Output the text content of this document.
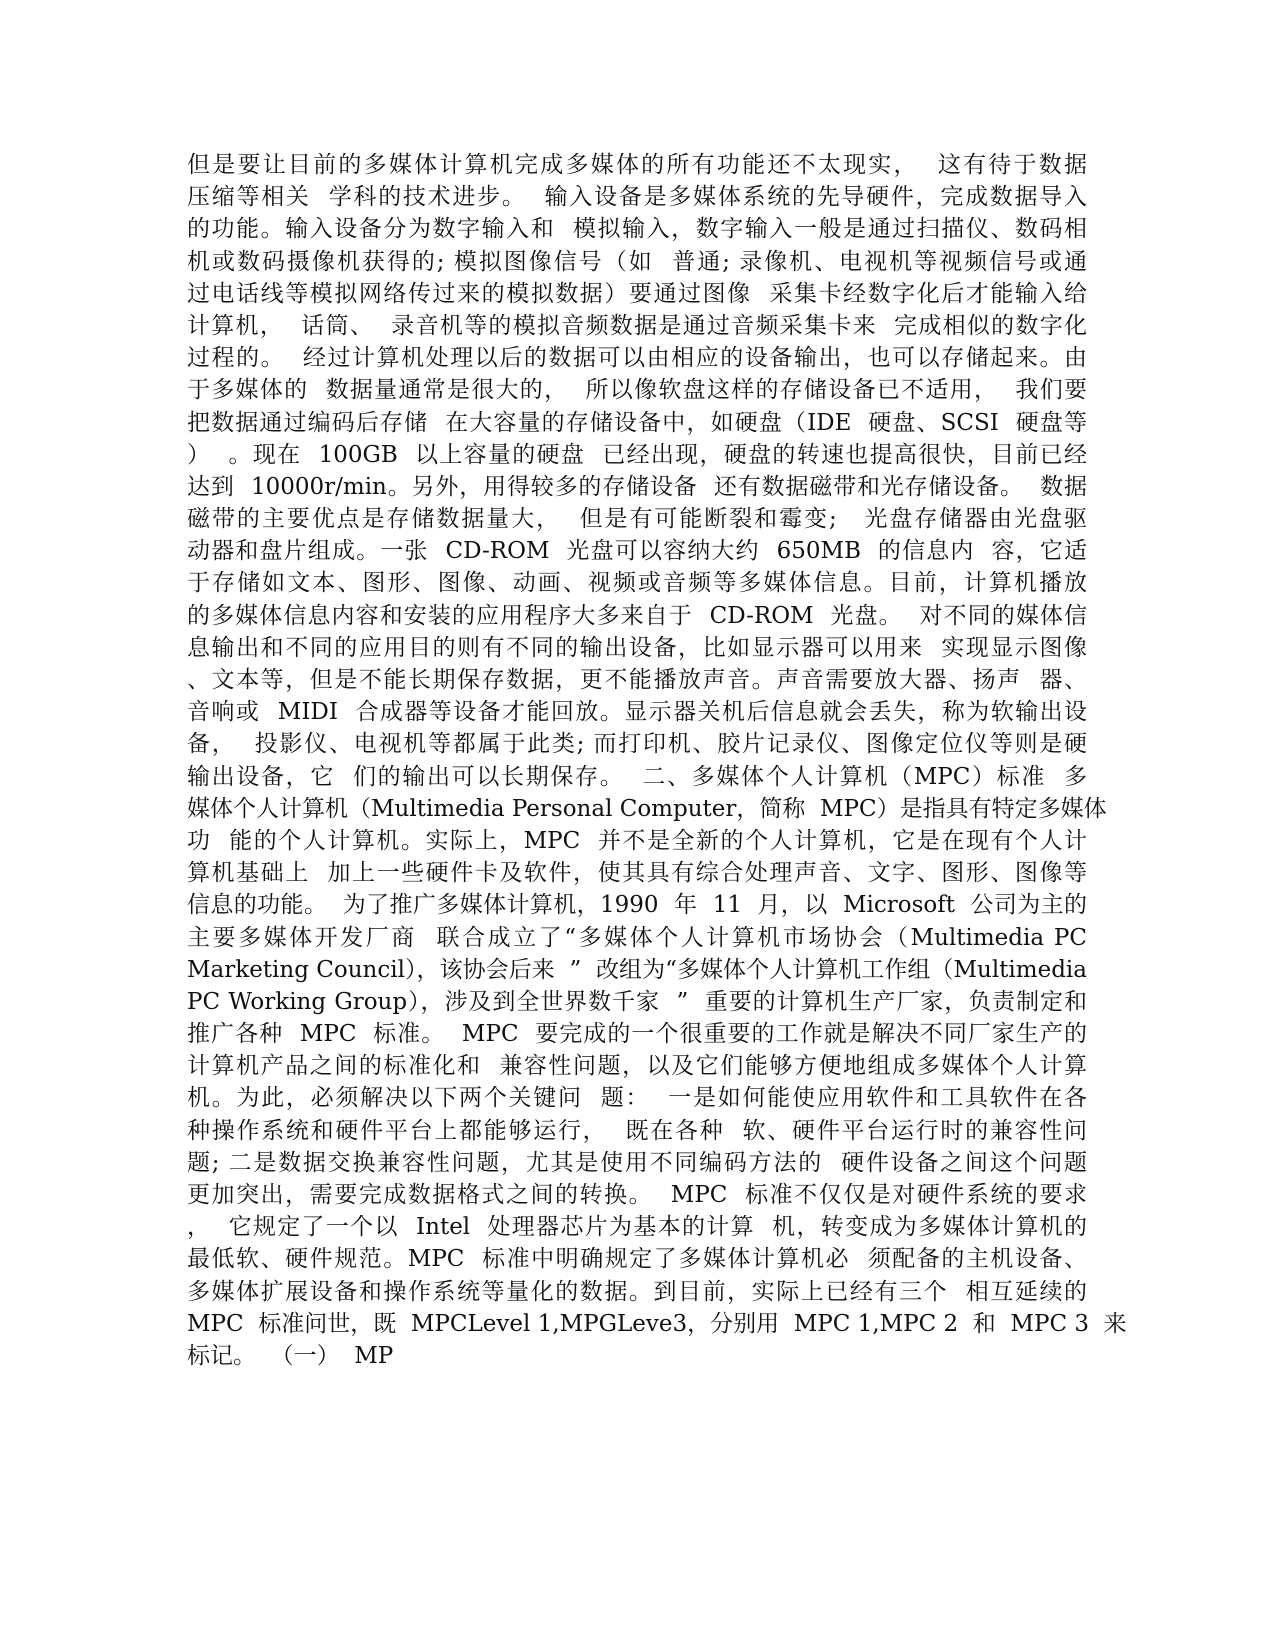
但是要让目前的多媒体计算机完成多媒体的所有功能还不太现实，  这有待于数据
压缩等相关  学科的技术进步。  输入设备是多媒体系统的先导硬件，完成数据导入
的功能。输入设备分为数字输入和  模拟输入，数字输入一般是通过扫描仪、数码相
机或数码摄像机获得的; 模拟图像信号（如  普通; 录像机、电视机等视频信号或通
过电话线等模拟网络传过来的模拟数据）要通过图像  采集卡经数字化后才能输入给
计算机，  话筒、  录音机等的模拟音频数据是通过音频采集卡来  完成相似的数字化
过程的。  经过计算机处理以后的数据可以由相应的设备输出，也可以存储起来。由
于多媒体的  数据量通常是很大的，  所以像软盘这样的存储设备已不适用，  我们要
把数据通过编码后存储  在大容量的存储设备中，如硬盘（IDE  硬盘、SCSI  硬盘等
）  。现在  100GB  以上容量的硬盘  已经出现，硬盘的转速也提高很快，目前已经
达到  10000r/min。另外，用得较多的存储设备  还有数据磁带和光存储设备。  数据
磁带的主要优点是存储数据量大，  但是有可能断裂和霉变;   光盘存储器由光盘驱
动器和盘片组成。一张  CD-ROM  光盘可以容纳大约  650MB  的信息内  容，它适
于存储如文本、图形、图像、动画、视频或音频等多媒体信息。目前，计算机播放
的多媒体信息内容和安装的应用程序大多来自于  CD-ROM  光盘。  对不同的媒体信
息输出和不同的应用目的则有不同的输出设备，比如显示器可以用来  实现显示图像
、文本等，但是不能长期保存数据，更不能播放声音。声音需要放大器、扬声  器、
音响或  MIDI  合成器等设备才能回放。显示器关机后信息就会丢失，称为软输出设
备，  投影仪、电视机等都属于此类; 而打印机、胶片记录仪、图像定位仪等则是硬
输出设备，它  们的输出可以长期保存。  二、多媒体个人计算机（MPC）标准  多
媒体个人计算机（Multimedia Personal Computer，简称  MPC）是指具有特定多媒体
功  能的个人计算机。实际上，MPC  并不是全新的个人计算机，它是在现有个人计
算机基础上  加上一些硬件卡及软件，使其具有综合处理声音、文字、图形、图像等
信息的功能。  为了推广多媒体计算机，1990  年  11  月，以  Microsoft  公司为主的
主要多媒体开发厂商  联合成立了“多媒体个人计算机市场协会（Multimedia PC
Marketing Council），该协会后来  ”  改组为“多媒体个人计算机工作组（Multimedia
PC Working Group），涉及到全世界数千家  ”  重要的计算机生产厂家，负责制定和
推广各种  MPC  标准。  MPC  要完成的一个很重要的工作就是解决不同厂家生产的
计算机产品之间的标准化和  兼容性问题，以及它们能够方便地组成多媒体个人计算
机。为此，必须解决以下两个关键问  题：  一是如何能使应用软件和工具软件在各
种操作系统和硬件平台上都能够运行，  既在各种  软、硬件平台运行时的兼容性问
题; 二是数据交换兼容性问题，尤其是使用不同编码方法的  硬件设备之间这个问题
更加突出，需要完成数据格式之间的转换。  MPC  标准不仅仅是对硬件系统的要求
，  它规定了一个以  Intel  处理器芯片为基本的计算  机，转变成为多媒体计算机的
最低软、硬件规范。MPC  标准中明确规定了多媒体计算机必  须配备的主机设备、
多媒体扩展设备和操作系统等量化的数据。到目前，实际上已经有三个  相互延续的
MPC  标准问世，既  MPCLevel 1,MPGLeve3，分别用  MPC 1,MPC 2  和  MPC 3  来
标记。  （一）  MP
